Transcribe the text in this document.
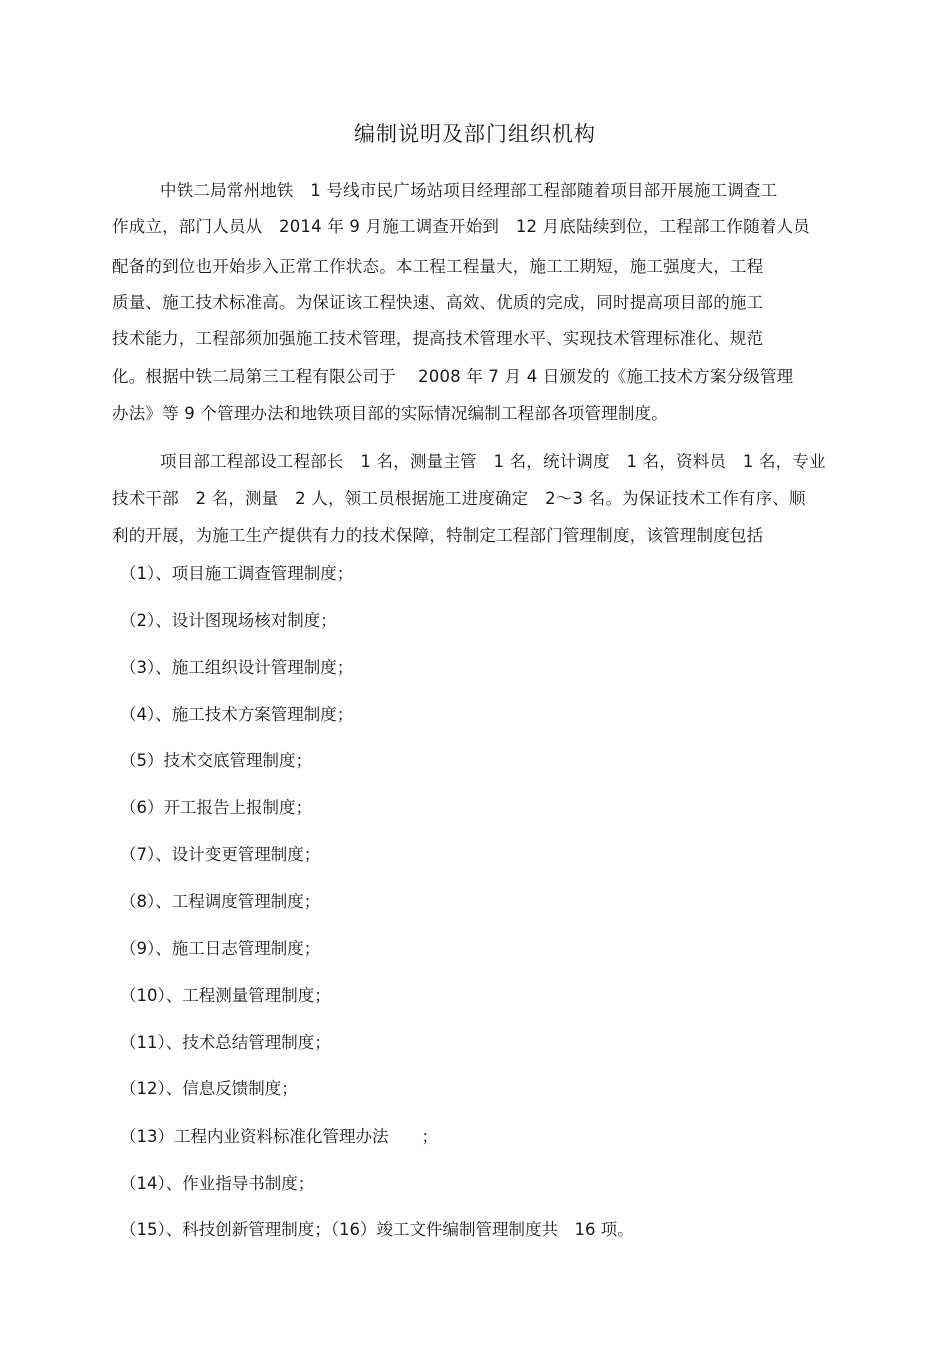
编制说明及部门组织机构
中铁二局常州地铁　1 号线市民广场站项目经理部工程部随着项目部开展施工调查工
作成立，部门人员从　2014 年 9 月施工调查开始到　12 月底陆续到位，工程部工作随着人员
配备的到位也开始步入正常工作状态。本工程工程量大，施工工期短，施工强度大，工程
质量、施工技术标准高。为保证该工程快速、高效、优质的完成，同时提高项目部的施工
技术能力，工程部须加强施工技术管理，提高技术管理水平、实现技术管理标准化、规范
化。根据中铁二局第三工程有限公司于　 2008 年 7 月 4 日颁发的《施工技术方案分级管理
办法》等 9 个管理办法和地铁项目部的实际情况编制工程部各项管理制度。
项目部工程部设工程部长　1 名，测量主管　1 名，统计调度　1 名，资料员　1 名，专业
技术干部　2 名，测量　2 人，领工员根据施工进度确定　2～3 名。为保证技术工作有序、顺
利的开展，为施工生产提供有力的技术保障，特制定工程部门管理制度，该管理制度包括
（1）、项目施工调查管理制度；
（2）、设计图现场核对制度；
（3）、施工组织设计管理制度；
（4）、施工技术方案管理制度；
（5）技术交底管理制度；
（6）开工报告上报制度；
（7）、设计变更管理制度；
（8）、工程调度管理制度；
（9）、施工日志管理制度；
（10）、工程测量管理制度；
（11）、技术总结管理制度；
（12）、信息反馈制度；
（13）工程内业资料标准化管理办法　　；
（14）、作业指导书制度；
（15）、科技创新管理制度；（16）竣工文件编制管理制度共　16 项。
